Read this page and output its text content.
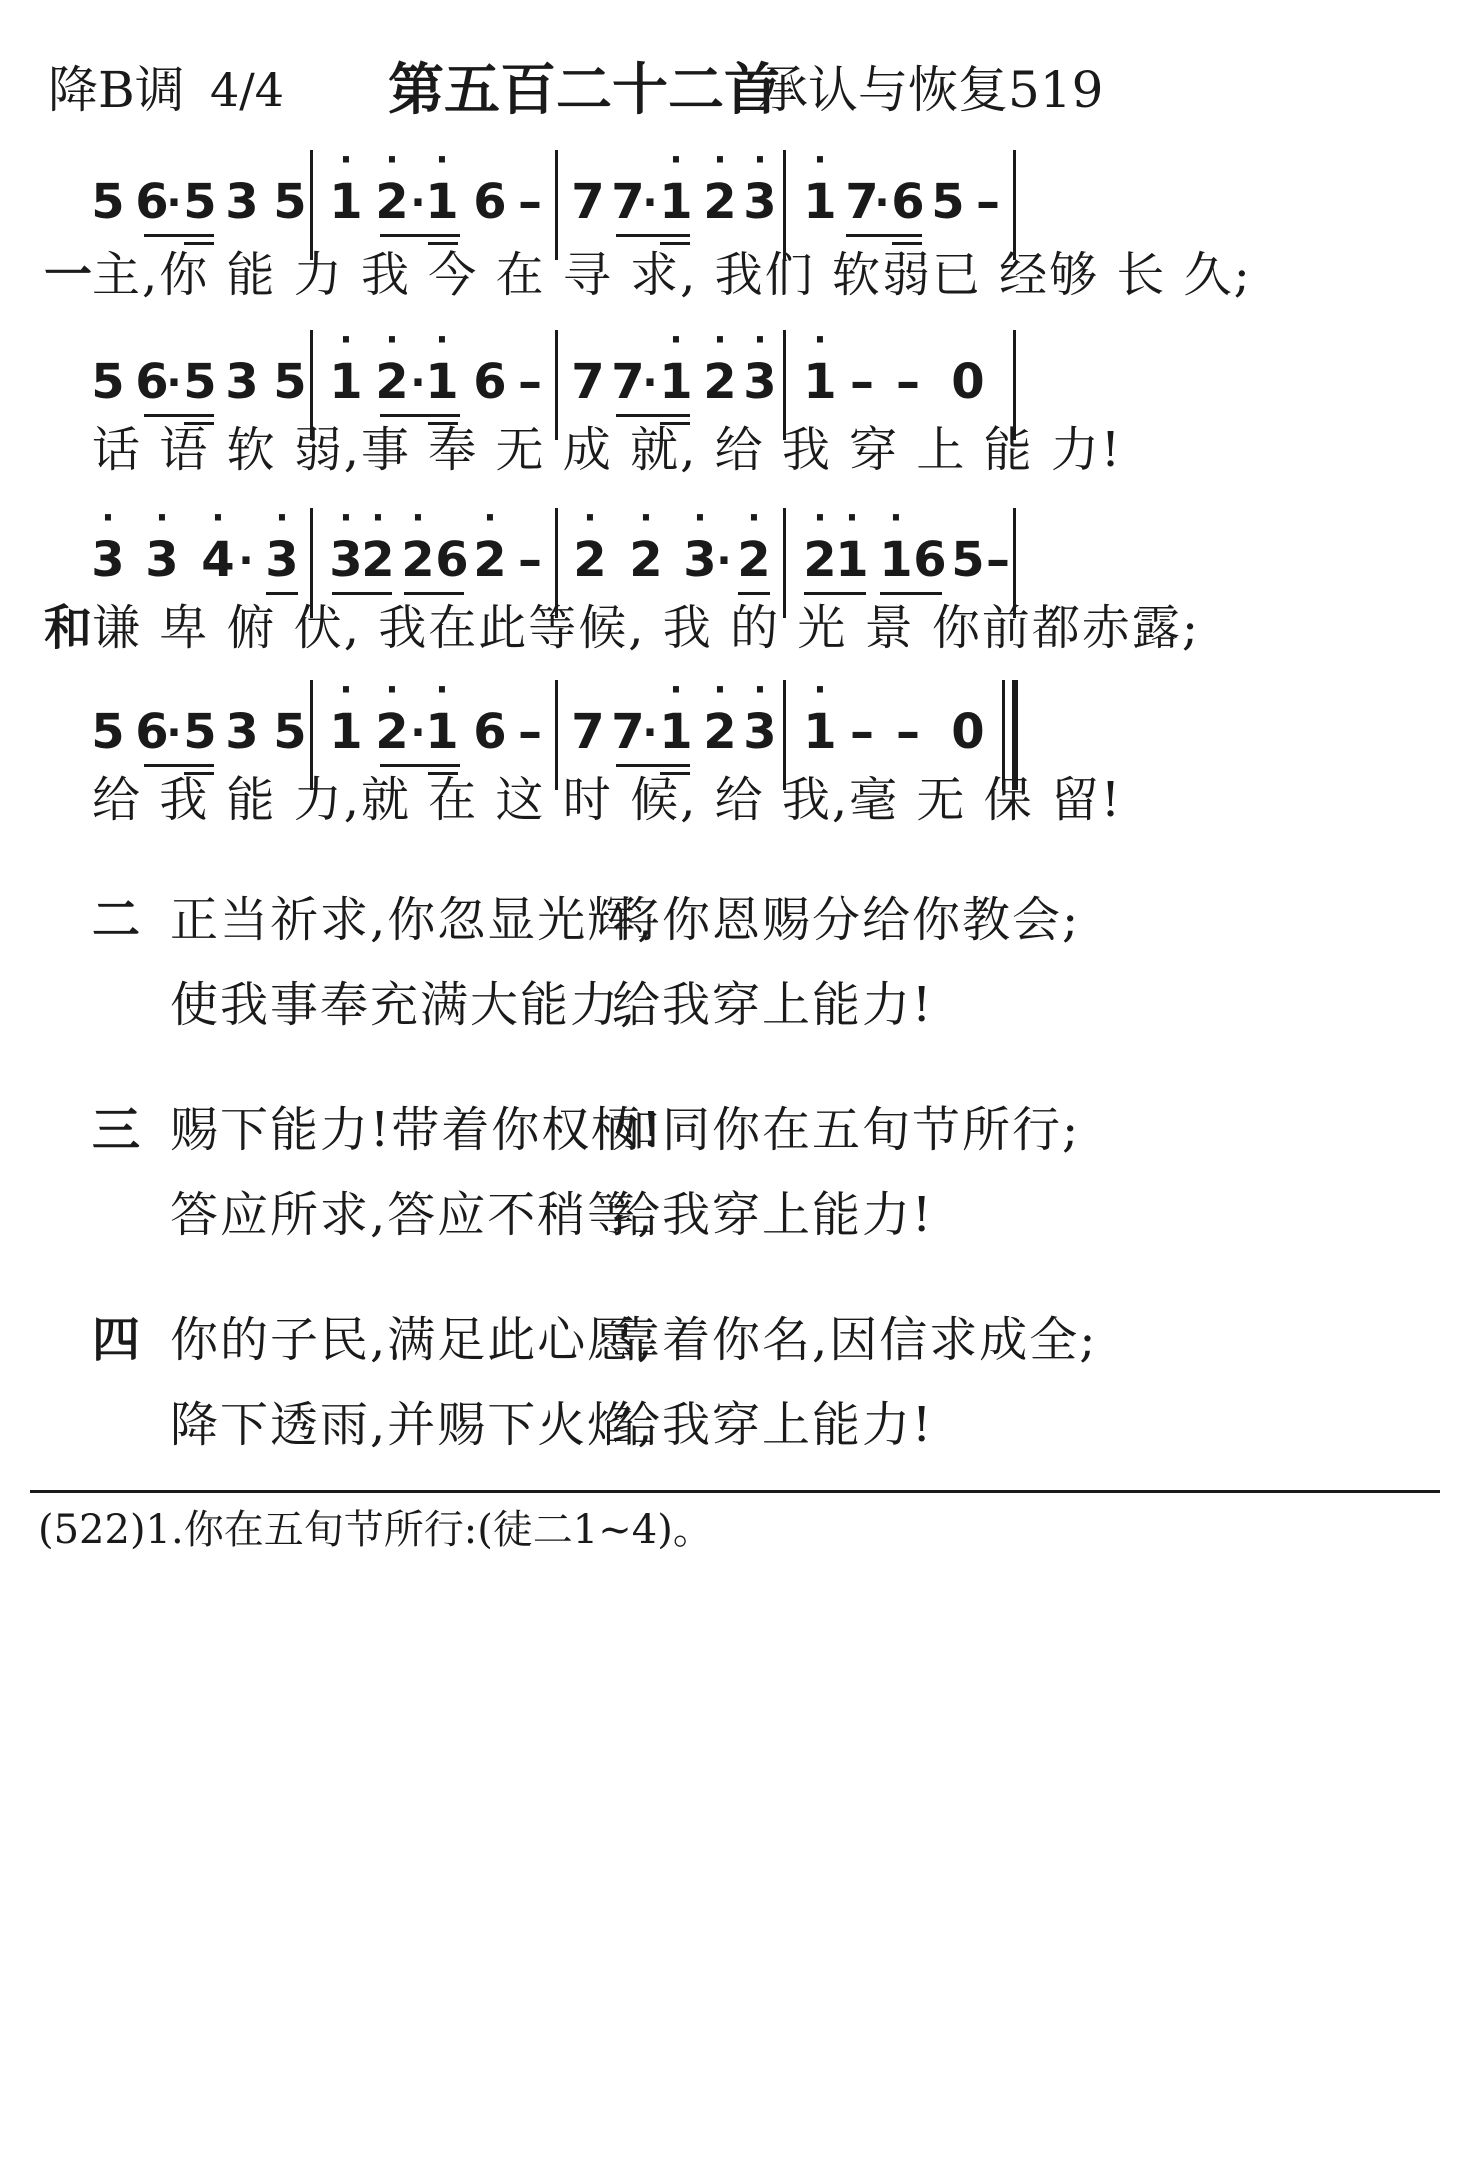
降B调 4/4 第五百二十二首
承认与恢复519
5 6
· 5 3 5
·
1
·
2 ·
·
1 6 – 7 7
·
·
1
·
2
·
3
·
1 7
· 6 5 –
一 主,你 能 力 我 今 在 寻 求, 我们 软弱已 经够 长 久;
5 6
· 5 3 5
·
1
·
2 ·
·
1 6 – 7 7
·
·
1
·
2
·
3
·
1 – – 0
话 语 软 弱,事 奉 无 成 就, 给 我 穿 上 能 力!
·
3
·
3
·
4 ·
·
3
·
3
·
2
·
2 6
·
2 –
·
2
·
2
·
3 ·
·
2
·
2
·
1
·
1 6 5 –
和 谦 卑 俯 伏, 我在此等候, 我 的 光 景 你前都赤露;
5 6
· 5 3 5
·
1
·
2 ·
·
1 6 – 7 7
·
·
1
·
2
·
3
·
1 – – 0
给 我 能 力,就 在 这 时 候, 给 我,毫 无 保 留!
二 正当祈求,你忽显光辉,
将你恩赐分给你教会;
使我事奉充满大能力,
给我穿上能力!
三 赐下能力!带着你权柄!
如同你在五旬节所行;
答应所求,答应不稍等,
给我穿上能力!
四 你的子民,满足此心愿,
靠着你名,因信求成全;
降下透雨,并赐下火焰,
给我穿上能力!
(522)1.你在五旬节所行:(徒二1~4)。
